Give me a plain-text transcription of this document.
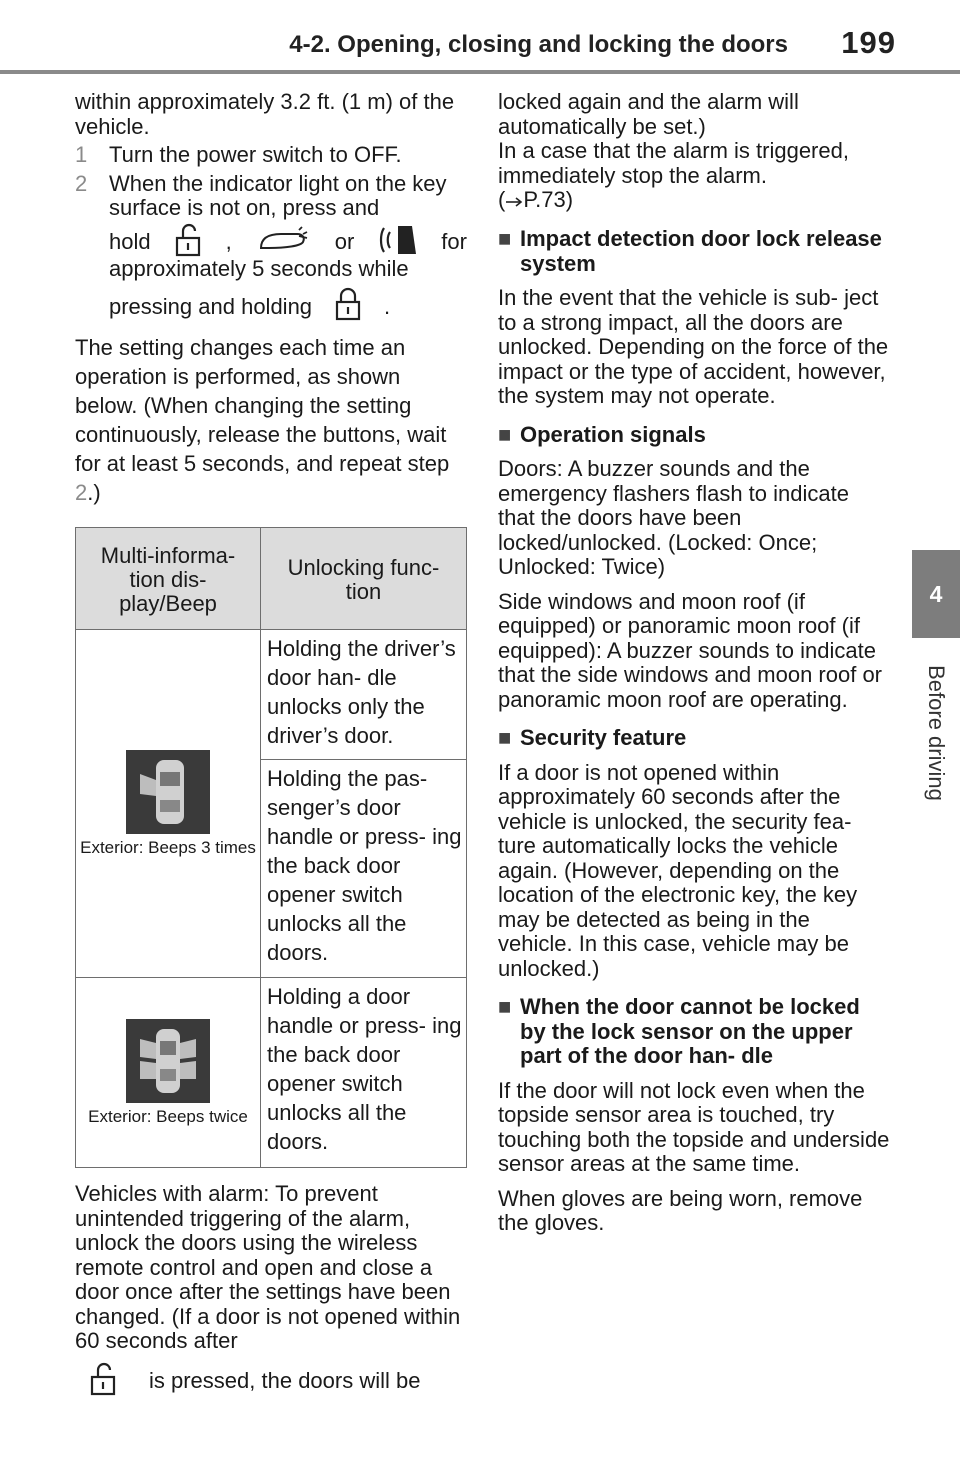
4-2. Opening, closing and locking the doors 199
4
Before driving

within approximately 3.2 ft. (1 m) of the vehicle.

1 Turn the power switch to OFF.
2 When the indicator light on the key surface is not on, press and

hold	,	or	for

approximately 5 seconds while

pressing and holding	.

The setting changes each time an operation is performed, as shown below. (When changing the setting continuously, release the buttons, wait for at least 5 seconds, and repeat step 2.)

Multi-informa- tion dis- play/Beep	Unlocking func- tion

Exterior: Beeps 3 times	Holding the driver’s door han- dle unlocks only the driver’s door.
	Holding the pas- senger’s door handle or press- ing the back door opener switch unlocks all the doors.

Exterior: Beeps twice	Holding a door handle or press- ing the back door opener switch unlocks all the doors.

Vehicles with alarm: To prevent unintended triggering of the alarm, unlock the doors using the wireless remote control and open and close a door once after the settings have been changed. (If a door is not opened within 60 seconds after

is pressed, the doors will be

locked again and the alarm will automatically be set.)

In a case that the alarm is triggered, immediately stop the alarm.

( P.73)

■ Impact detection door lock release system

In the event that the vehicle is sub- ject to a strong impact, all the doors are unlocked. Depending on the force of the impact or the type of accident, however, the system may not operate.

■ Operation signals

Doors: A buzzer sounds and the emergency flashers flash to indicate that the doors have been locked/unlocked. (Locked: Once; Unlocked: Twice)

Side windows and moon roof (if equipped) or panoramic moon roof (if equipped): A buzzer sounds to indicate that the side windows and moon roof or panoramic moon roof are operating.

■ Security feature

If a door is not opened within approximately 60 seconds after the vehicle is unlocked, the security fea- ture automatically locks the vehicle again. (However, depending on the location of the electronic key, the key may be detected as being in the vehicle. In this case, vehicle may be unlocked.)

■ When the door cannot be locked by the lock sensor on the upper part of the door han- dle

If the door will not lock even when the topside sensor area is touched, try touching both the topside and underside sensor areas at the same time.

When gloves are being worn, remove the gloves.
